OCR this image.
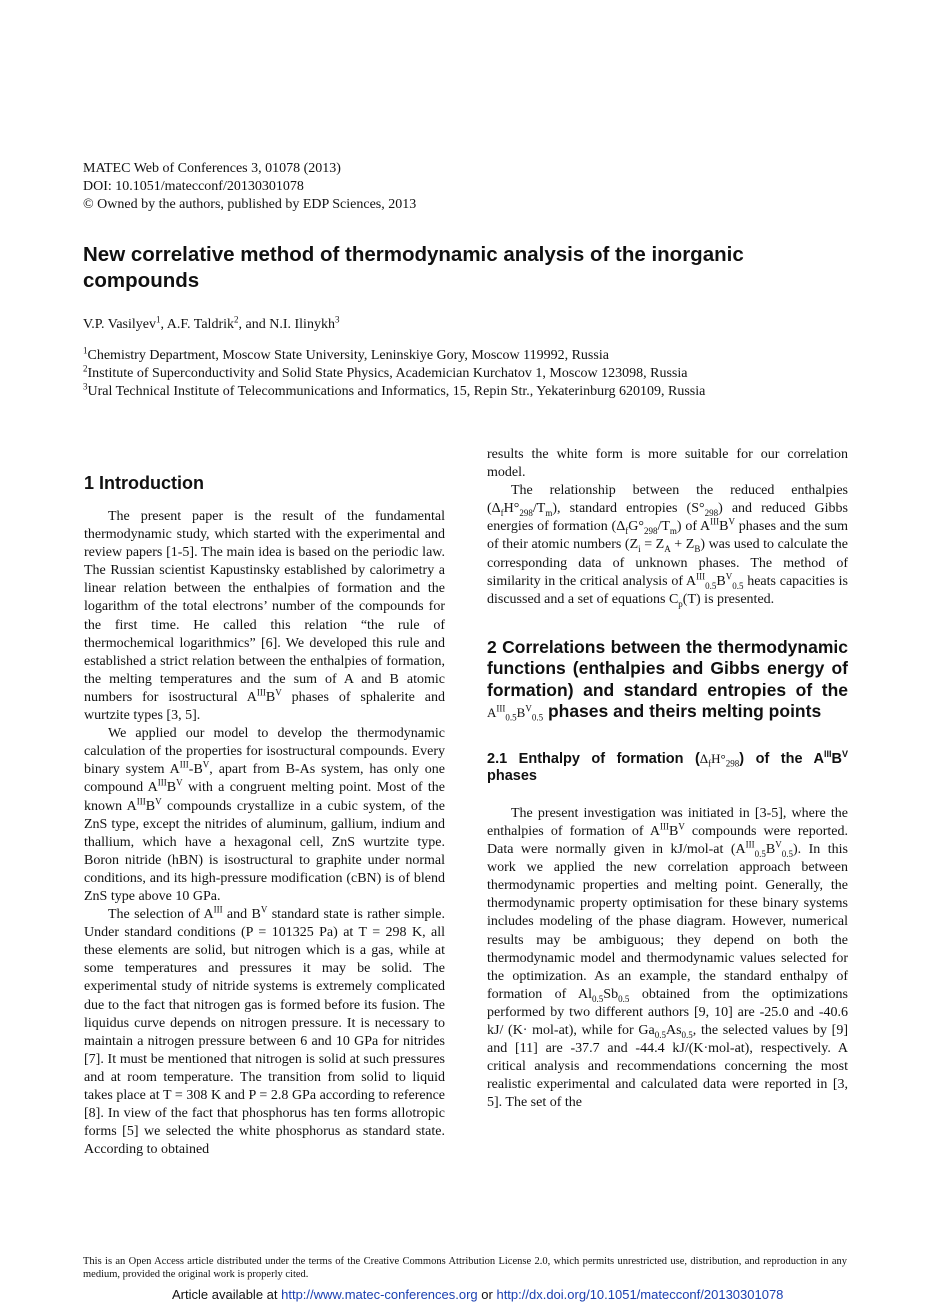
MATEC Web of Conferences 3, 01078 (2013)
DOI: 10.1051/matecconf/20130301078
© Owned by the authors, published by EDP Sciences, 2013
New correlative method of thermodynamic analysis of the inorganic compounds
V.P. Vasilyev$^1$, A.F. Taldrik$^2$, and N.I. Ilinykh$^3$
$^1$Chemistry Department, Moscow State University, Leninskiye Gory, Moscow 119992, Russia
$^2$Institute of Superconductivity and Solid State Physics, Academician Kurchatov 1, Moscow 123098, Russia
$^3$Ural Technical Institute of Telecommunications and Informatics, 15, Repin Str., Yekaterinburg 620109, Russia
1 Introduction

The present paper is the result of the fundamental thermodynamic study, which started with the experimental and review papers [1-5]. The main idea is based on the periodic law. The Russian scientist Kapustinsky established by calorimetry a linear relation between the enthalpies of formation and the logarithm of the total electrons’ number of the compounds for the first time. He called this relation “the rule of thermochemical logarithmics” [6]. We developed this rule and established a strict relation between the enthalpies of formation, the melting temperatures and the sum of A and B atomic numbers for isostructural $A^{III}B^V$ phases of sphalerite and wurtzite types [3, 5].

We applied our model to develop the thermodynamic calculation of the properties for isostructural compounds. Every binary system $A^{III}-B^V$, apart from B-As system, has only one compound $A^{III}B^V$ with a congruent melting point. Most of the known $A^{III}B^V$ compounds crystallize in a cubic system, of the ZnS type, except the nitrides of aluminum, gallium, indium and thallium, which have a hexagonal cell, ZnS wurtzite type. Boron nitride (hBN) is isostructural to graphite under normal conditions, and its high-pressure modification (cBN) is of blend ZnS type above 10 GPa.

The selection of $A^{III}$ and $B^V$ standard state is rather simple. Under standard conditions (P = 101325 Pa) at T = 298 K, all these elements are solid, but nitrogen which is a gas, while at some temperatures and pressures it may be solid. The experimental study of nitride systems is extremely complicated due to the fact that nitrogen gas is formed before its fusion. The liquidus curve depends on nitrogen pressure. It is necessary to maintain a nitrogen pressure between 6 and 10 GPa for nitrides [7]. It must be mentioned that nitrogen is solid at such pressures and at room temperature. The transition from solid to liquid takes place at T = 308 K and P = 2.8 GPa according to reference [8]. In view of the fact that phosphorus has ten forms allotropic forms [5] we selected the white phosphorus as standard state. According to obtained

results the white form is more suitable for our correlation model.

The relationship between the reduced enthalpies $(\Delta_fH^\circ_{298}/T_m)$, standard entropies $(S^\circ_{298})$ and reduced Gibbs energies of formation $(\Delta_fG^\circ_{298}/T_m)$ of $A^{III}B^V$ phases and the sum of their atomic numbers $(Z_i = Z_A + Z_B)$ was used to calculate the corresponding data of unknown phases. The method of similarity in the critical analysis of $A^{III}_{0.5}B^V_{0.5}$ heats capacities is discussed and a set of equations $C_p(T)$ is presented.

2 Correlations between the thermodynamic functions (enthalpies and Gibbs energy of formation) and standard entropies of the $A^{III}_{0.5}B^V_{0.5}$ phases and theirs melting points
2.1 Enthalpy of formation $(\Delta_fH^\circ_{298})$ of the $A^{III}B^V$ phases

The present investigation was initiated in [3-5], where the enthalpies of formation of $A^{III}B^V$ compounds were reported. Data were normally given in kJ/mol-at $(A^{III}_{0.5}B^V_{0.5})$. In this work we applied the new correlation approach between thermodynamic properties and melting point. Generally, the thermodynamic property optimisation for these binary systems includes modeling of the phase diagram. However, numerical results may be ambiguous; they depend on both the thermodynamic model and thermodynamic values selected for the optimization. As an example, the standard enthalpy of formation of $Al_{0.5}Sb_{0.5}$ obtained from the optimizations performed by two different authors [9, 10] are -25.0 and -40.6 kJ/ (K· mol-at), while for $Ga_{0.5}As_{0.5}$, the selected values by [9] and [11] are -37.7 and -44.4 kJ/(K·mol-at), respectively. A critical analysis and recommendations concerning the most realistic experimental and calculated data were reported in [3, 5]. The set of the

This is an Open Access article distributed under the terms of the Creative Commons Attribution License 2.0, which permits unrestricted use, distribution, and reproduction in any medium, provided the original work is properly cited.
Article available at http://www.matec-conferences.org or http://dx.doi.org/10.1051/matecconf/20130301078
